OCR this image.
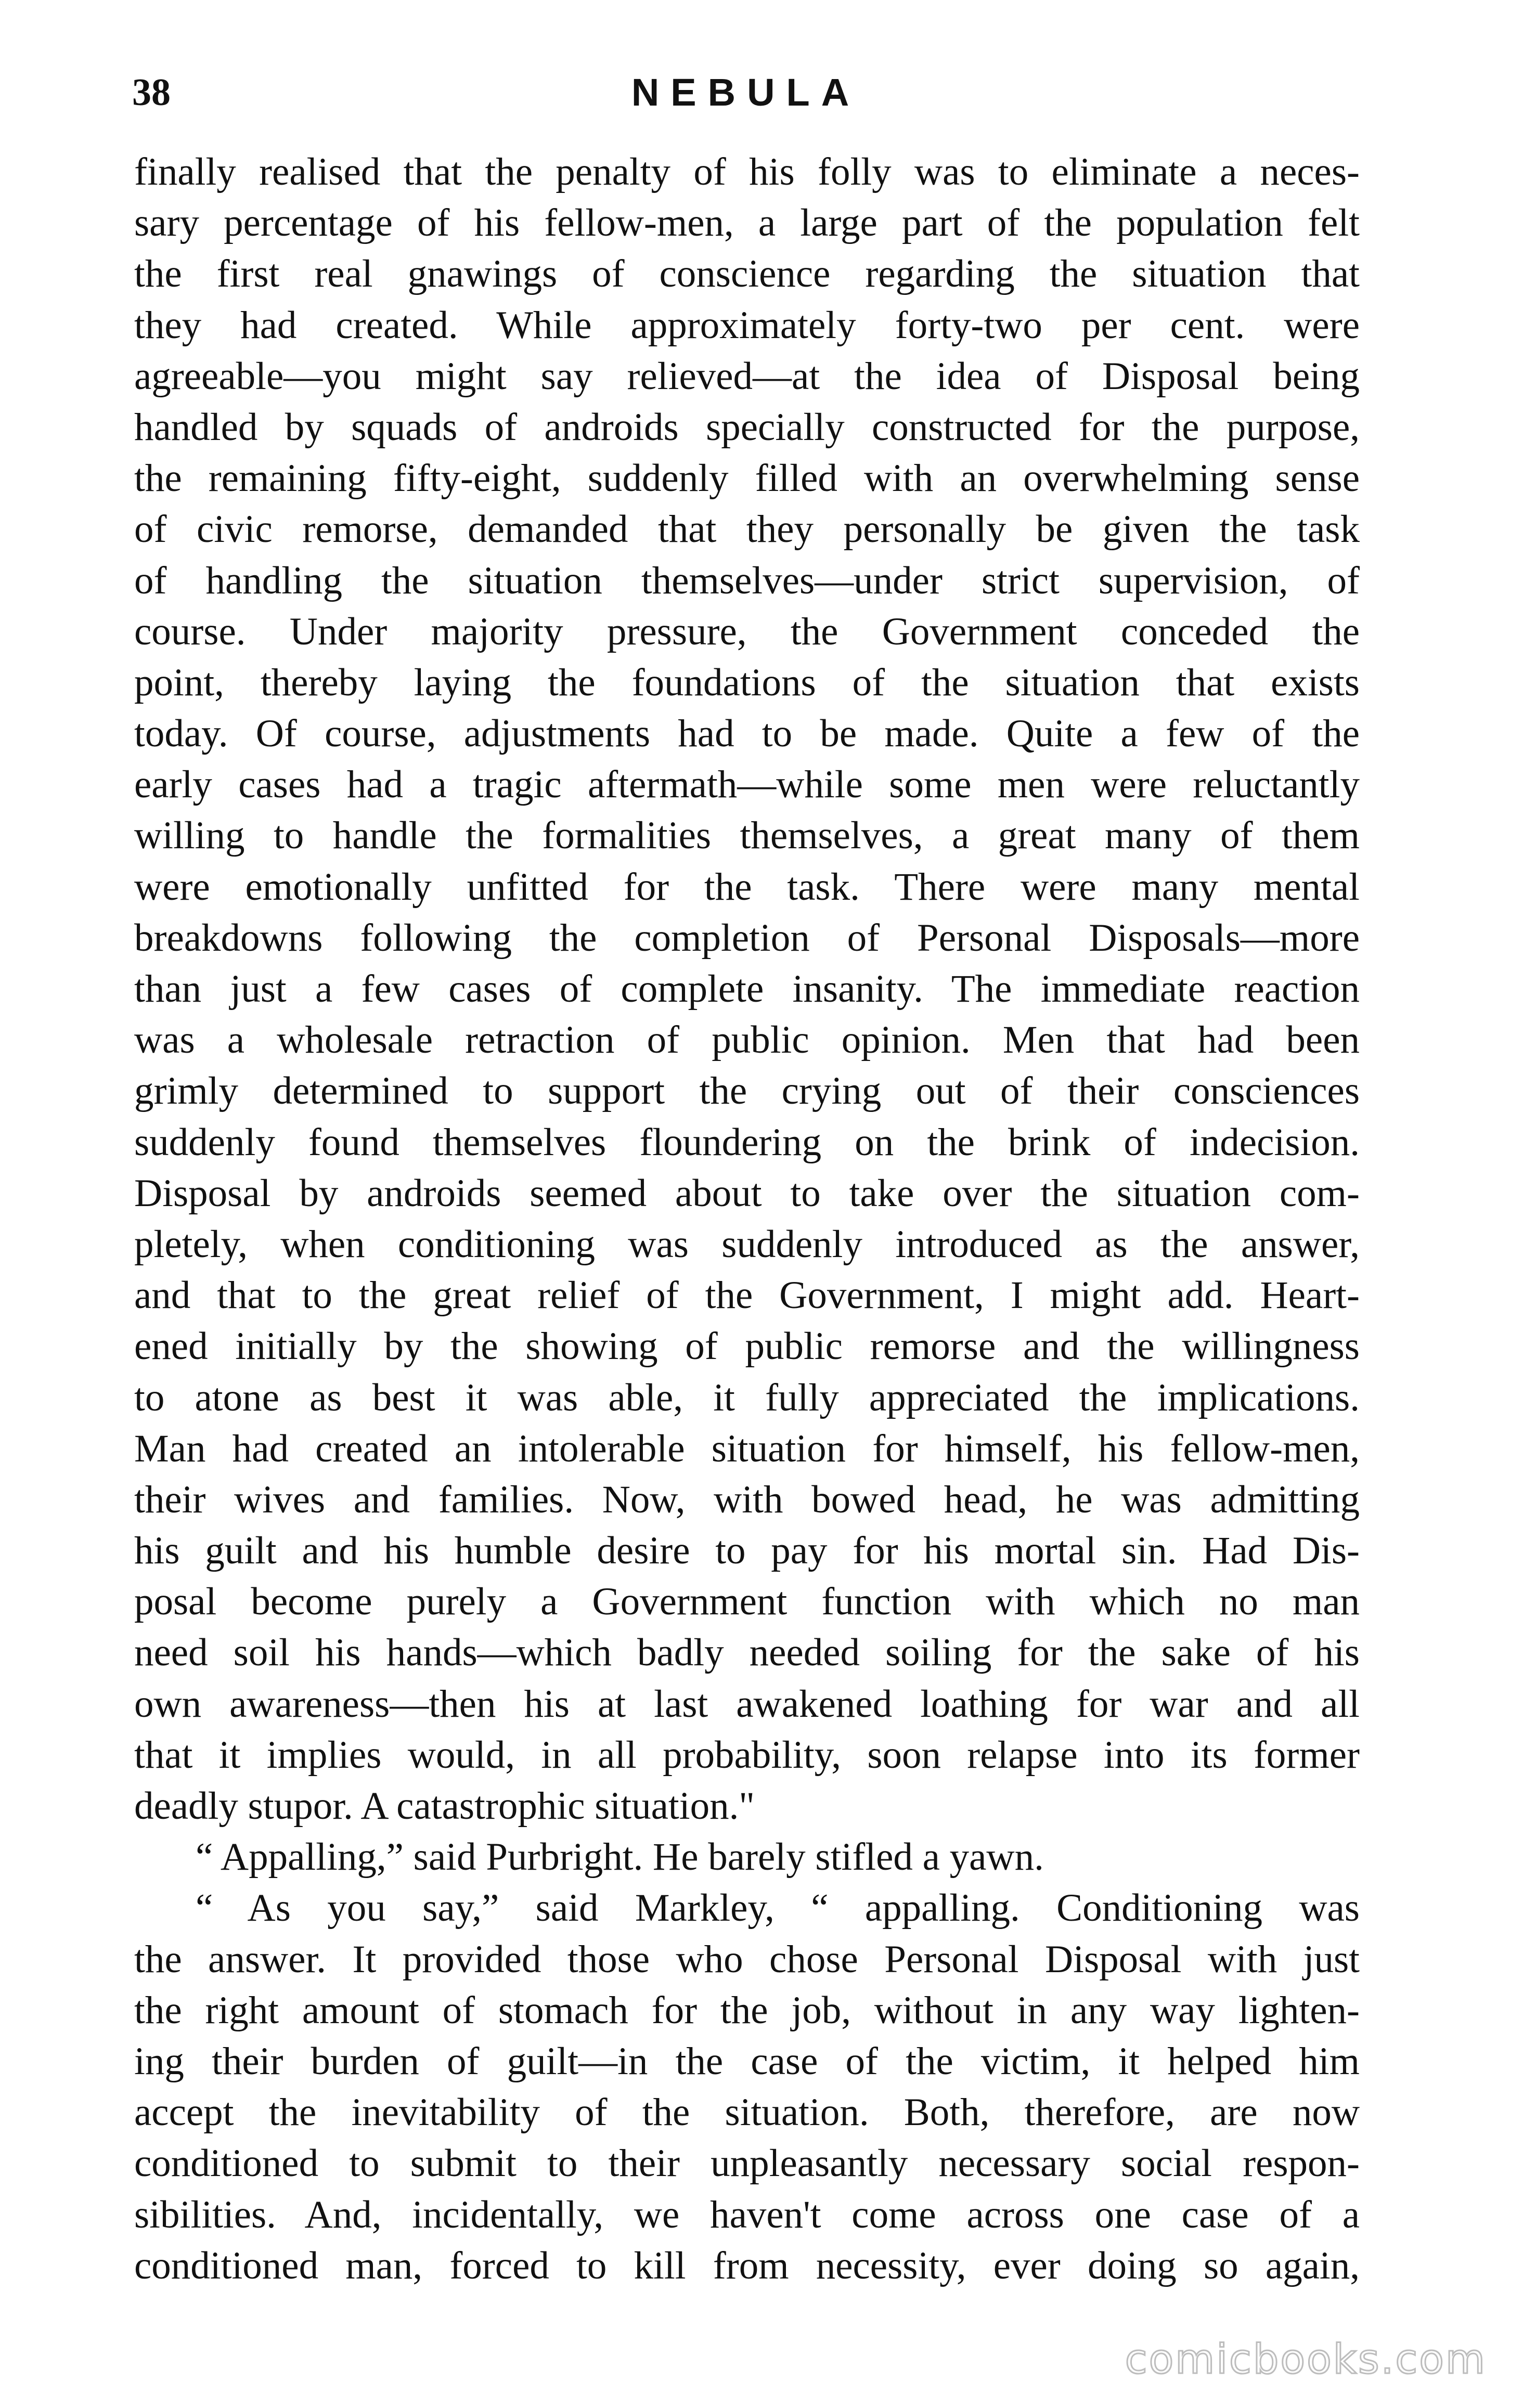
38	NEBULA
finally realised that the penalty of his folly was to eliminate a neces-
sary percentage of his fellow-men, a large part of the population felt
the first real gnawings of conscience regarding the situation that
they had created. While approximately forty-two per cent. were
agreeable—you might say relieved—at the idea of Disposal being
handled by squads of androids specially constructed for the purpose,
the remaining fifty-eight, suddenly filled with an overwhelming sense
of civic remorse, demanded that they personally be given the task
of handling the situation themselves—under strict supervision, of
course. Under majority pressure, the Government conceded the
point, thereby laying the foundations of the situation that exists
today. Of course, adjustments had to be made. Quite a few of the
early cases had a tragic aftermath—while some men were reluctantly
willing to handle the formalities themselves, a great many of them
were emotionally unfitted for the task. There were many mental
breakdowns following the completion of Personal Disposals—more
than just a few cases of complete insanity. The immediate reaction
was a wholesale retraction of public opinion. Men that had been
grimly determined to support the crying out of their consciences
suddenly found themselves floundering on the brink of indecision.
Disposal by androids seemed about to take over the situation com-
pletely, when conditioning was suddenly introduced as the answer,
and that to the great relief of the Government, I might add. Heart-
ened initially by the showing of public remorse and the willingness
to atone as best it was able, it fully appreciated the implications.
Man had created an intolerable situation for himself, his fellow-men,
their wives and families. Now, with bowed head, he was admitting
his guilt and his humble desire to pay for his mortal sin. Had Dis-
posal become purely a Government function with which no man
need soil his hands—which badly needed soiling for the sake of his
own awareness—then his at last awakened loathing for war and all
that it implies would, in all probability, soon relapse into its former
deadly stupor. A catastrophic situation."
“ Appalling,” said Purbright. He barely stifled a yawn.
“ As you say,” said Markley, “ appalling. Conditioning was
the answer. It provided those who chose Personal Disposal with just
the right amount of stomach for the job, without in any way lighten-
ing their burden of guilt—in the case of the victim, it helped him
accept the inevitability of the situation. Both, therefore, are now
conditioned to submit to their unpleasantly necessary social respon-
sibilities. And, incidentally, we haven't come across one case of a
conditioned man, forced to kill from necessity, ever doing so again,
comicbooks.com
